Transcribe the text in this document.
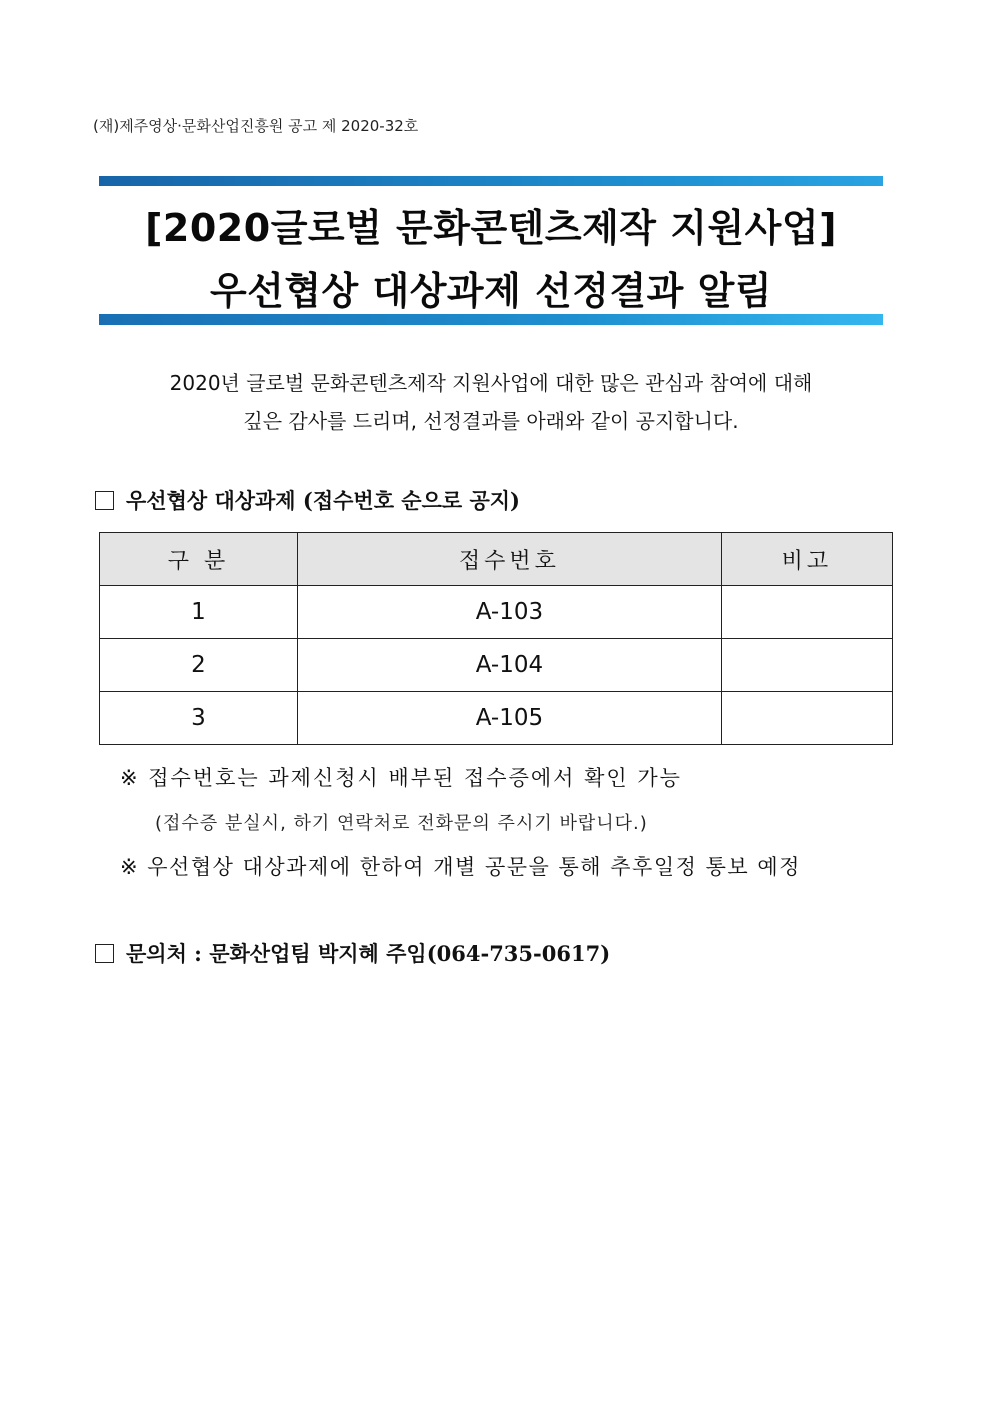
(재)제주영상·문화산업진흥원 공고 제 2020-32호
[2020글로벌 문화콘텐츠제작 지원사업]
우선협상 대상과제 선정결과 알림
2020년 글로벌 문화콘텐츠제작 지원사업에 대한 많은 관심과 참여에 대해
깊은 감사를 드리며, 선정결과를 아래와 같이 공지합니다.
우선협상 대상과제 (접수번호 순으로 공지)
구 분	접수번호	비고
1	A-103	
2	A-104	
3	A-105	
※ 접수번호는 과제신청시 배부된 접수증에서 확인 가능
(접수증 분실시, 하기 연락처로 전화문의 주시기 바랍니다.)
※ 우선협상 대상과제에 한하여 개별 공문을 통해 추후일정 통보 예정
문의처 : 문화산업팀 박지혜 주임(064-735-0617)
